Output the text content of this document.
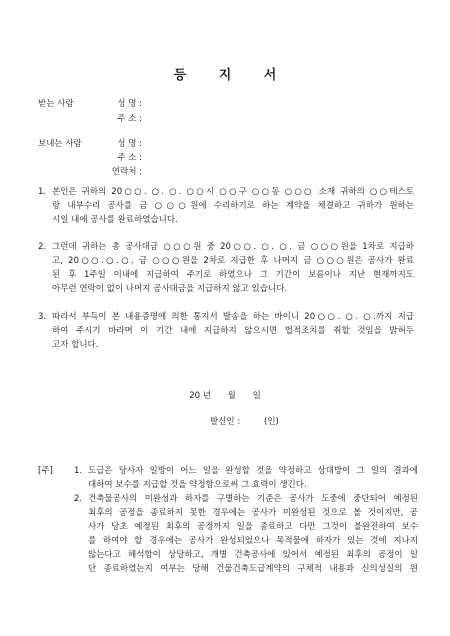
등 지 서
받는 사람	성 명 :
주 소 :
보내는 사람	성 명 :
주 소 :
연락처 :
1. 본인은 귀하의 20○○. ○. ○. ○○시 ○○구 ○○동 ○○○ 소재 귀하의 ○○테스토
랑 내부수리 공사를 금 ○○○원에 수리하기로 하는 계약을 체결하고 귀하가 원하는
시일 내에 공사를 완료하였습니다.
2. 그런데 귀하는 총 공사대금 ○○○원 중 20○○. ○. ○. 금 ○○○원을 1차로 지급하
고, 20○○.○.○. 금 ○○○원을 2차로 지급한 후 나머지 금 ○○○원은 공사가 완료
된 후 1주일 이내에 지급하여 주기로 하였으나 그 기간이 보름이나 지난 현재까지도
아무런 연락이 없이 나머지 공사대금을 지급하지 않고 있습니다.
3. 따라서 부득이 본 내용증명에 의한 통지서 발송을 하는 바이니 20○○. ○. ○.까지 지급
하여 주시기 바라며 이 기간 내에 지급하지 않으시면 법적조치를 취할 것임을 밝혀두
고자 합니다.
20 년 월 일
발신인 :	(인)
[주] 1. 도급은 당사자 일방이 어느 일을 완성할 것을 약정하고 상대방이 그 일의 결과에
대하여 보수를 지급할 것을 약정함으로써 그 효력이 생긴다.
2. 건축물공사의 미완성과 하자를 구별하는 기준은 공사가 도중에 중단되어 예정된
최후의 공정을 종료하지 못한 경우에는 공사가 미완성된 것으로 볼 것이지만, 공
사가 당초 예정된 최후의 공정까지 일을 종료하고 다만 그것이 불완전하여 보수
를 하여야 할 경우에는 공사가 완성되었으나 목적물에 하자가 있는 것에 지나지
않는다고 해석함이 상당하고, 개별 건축공사에 있어서 예정된 최후의 공정이 일
단 종료하였는지 여부는 당해 건물건축도급계약의 구체적 내용과 신의성실의 원
